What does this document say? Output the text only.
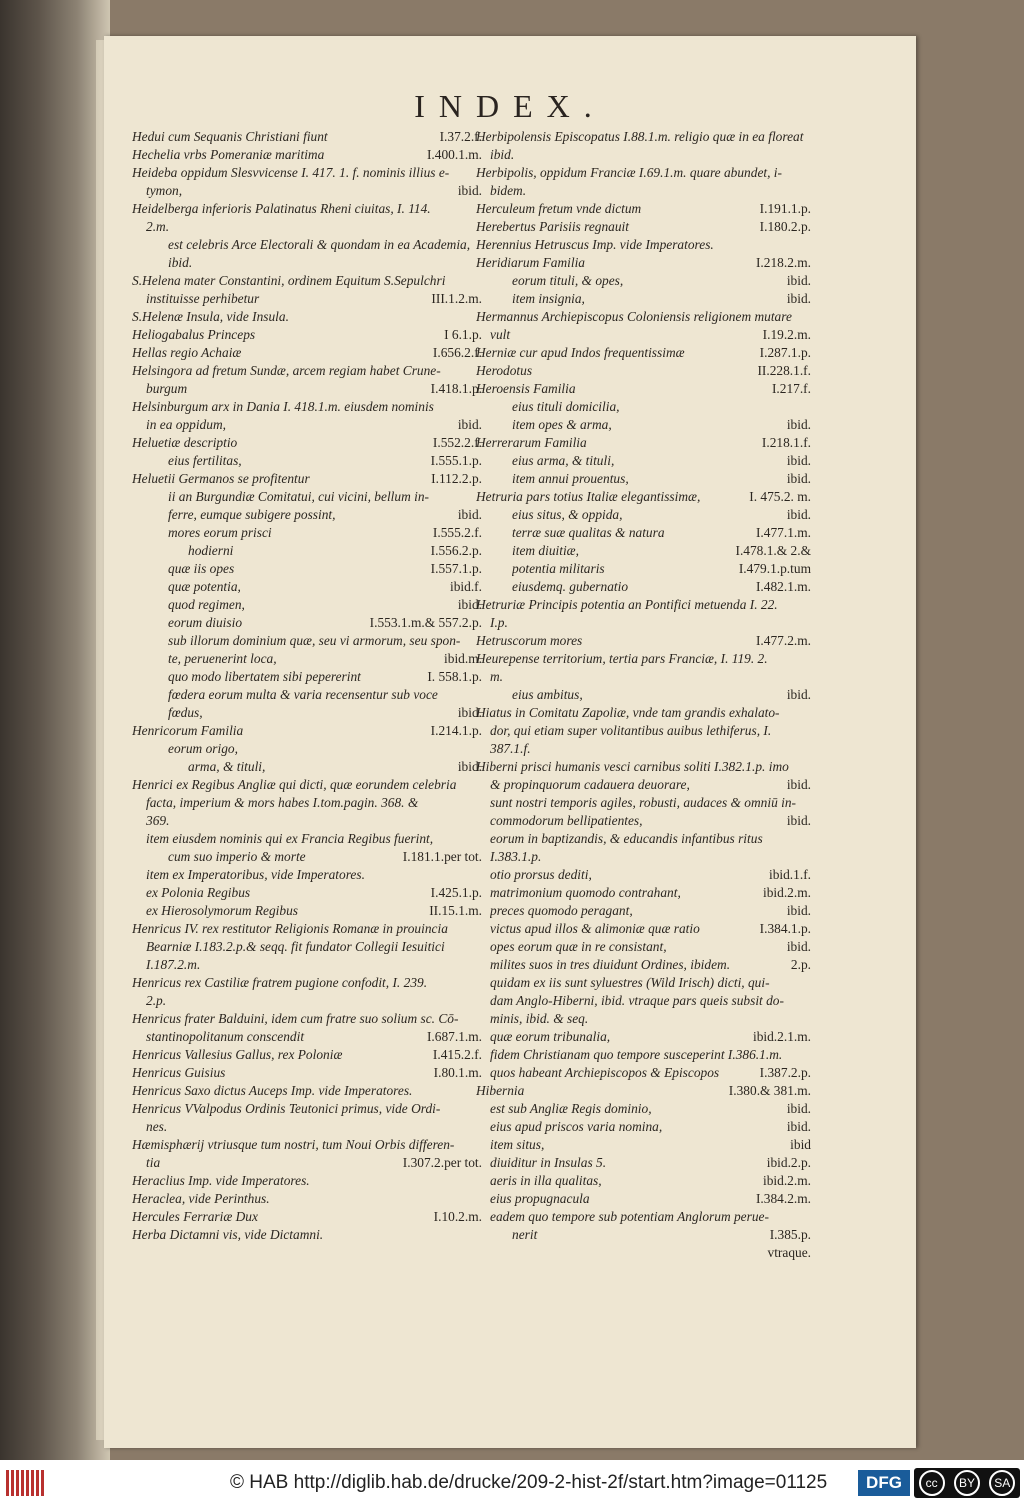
INDEX.
Hedui cum Sequanis Christiani fiunt	I.37.2.f.
Hechelia vrbs Pomeraniæ maritima	I.400.1.m.
Heideba oppidum Slesvvicense I. 417. 1. f. nominis illius e-
tymon,	ibid.
Heidelberga inferioris Palatinatus Rheni ciuitas, I. 114.
2.m.
est celebris Arce Electorali & quondam in ea Academia,
ibid.
S.Helena mater Constantini, ordinem Equitum S.Sepulchri
instituisse perhibetur	III.1.2.m.
S.Helenæ Insula, vide Insula.
Heliogabalus Princeps	I 6.1.p.
Hellas regio Achaiæ	I.656.2.f.
Helsingora ad fretum Sundæ, arcem regiam habet Crune-
burgum	I.418.1.p.
Helsinburgum arx in Dania I. 418.1.m. eiusdem nominis
in ea oppidum,	ibid.
Heluetiæ descriptio	I.552.2.f.
eius fertilitas,	I.555.1.p.
Heluetii Germanos se profitentur	I.112.2.p.
ii an Burgundiæ Comitatui, cui vicini, bellum in-
ferre, eumque subigere possint,	ibid.
mores eorum prisci	I.555.2.f.
hodierni	I.556.2.p.
quæ iis opes	I.557.1.p.
quæ potentia,	ibid.f.
quod regimen,	ibid.
eorum diuisio	I.553.1.m.& 557.2.p.
sub illorum dominium quæ, seu vi armorum, seu spon-
te, peruenerint loca,	ibid.m.
quo modo libertatem sibi pepererint	I. 558.1.p.
fœdera eorum multa & varia recensentur sub voce
fœdus,	ibid.
Henricorum Familia	I.214.1.p.
eorum origo,
arma, & tituli,	ibid.
Henrici ex Regibus Angliæ qui dicti, quæ eorundem celebria
facta, imperium & mors habes I.tom.pagin. 368. &
369.
item eiusdem nominis qui ex Francia Regibus fuerint,
cum suo imperio & morte	I.181.1.per tot.
item ex Imperatoribus, vide Imperatores.
ex Polonia Regibus	I.425.1.p.
ex Hierosolymorum Regibus	II.15.1.m.
Henricus IV. rex restitutor Religionis Romanæ in prouincia
Bearniæ I.183.2.p.& seqq. fit fundator Collegii Iesuitici
I.187.2.m.
Henricus rex Castiliæ fratrem pugione confodit, I. 239.
2.p.
Henricus frater Balduini, idem cum fratre suo solium sc. Cō-
stantinopolitanum conscendit	I.687.1.m.
Henricus Vallesius Gallus, rex Poloniæ	I.415.2.f.
Henricus Guisius	I.80.1.m.
Henricus Saxo dictus Auceps Imp. vide Imperatores.
Henricus VValpodus Ordinis Teutonici primus, vide Ordi-
nes.
Hæmisphærij vtriusque tum nostri, tum Noui Orbis differen-
tia	I.307.2.per tot.
Heraclius Imp. vide Imperatores.
Heraclea, vide Perinthus.
Hercules Ferrariæ Dux	I.10.2.m.
Herba Dictamni vis, vide Dictamni.
Herbipolensis Episcopatus I.88.1.m. religio quæ in ea floreat
ibid.
Herbipolis, oppidum Franciæ I.69.1.m. quare abundet, i-
bidem.
Herculeum fretum vnde dictum	I.191.1.p.
Herebertus Parisiis regnauit	I.180.2.p.
Herennius Hetruscus Imp. vide Imperatores.
Heridiarum Familia	I.218.2.m.
eorum tituli, & opes,	ibid.
item insignia,	ibid.
Hermannus Archiepiscopus Coloniensis religionem mutare
vult	I.19.2.m.
Herniæ cur apud Indos frequentissimæ	I.287.1.p.
Herodotus	II.228.1.f.
Heroensis Familia	I.217.f.
eius tituli domicilia,
item opes & arma,	ibid.
Herrerarum Familia	I.218.1.f.
eius arma, & tituli,	ibid.
item annui prouentus,	ibid.
Hetruria pars totius Italiæ elegantissimæ,	I. 475.2. m.
eius situs, & oppida,	ibid.
terræ suæ qualitas & natura	I.477.1.m.
item diuitiæ,	I.478.1.& 2.&
potentia militaris	I.479.1.p.tum
eiusdemq. gubernatio	I.482.1.m.
Hetruriæ Principis potentia an Pontifici metuenda I. 22.
I.p.
Hetruscorum mores	I.477.2.m.
Heurepense territorium, tertia pars Franciæ, I. 119. 2.
m.
eius ambitus,	ibid.
Hiatus in Comitatu Zapoliæ, vnde tam grandis exhalato-
dor, qui etiam super volitantibus auibus lethiferus, I.
387.1.f.
Hiberni prisci humanis vesci carnibus soliti I.382.1.p. imo
& propinquorum cadauera deuorare,	ibid.
sunt nostri temporis agiles, robusti, audaces & omniū in-
commodorum bellipatientes,	ibid.
eorum in baptizandis, & educandis infantibus ritus
I.383.1.p.
otio prorsus dediti,	ibid.1.f.
matrimonium quomodo contrahant,	ibid.2.m.
preces quomodo peragant,	ibid.
victus apud illos & alimoniæ quæ ratio	I.384.1.p.
opes eorum quæ in re consistant,	ibid.
milites suos in tres diuidunt Ordines, ibidem.	2.p.
quidam ex iis sunt syluestres (Wild Irisch) dicti, qui-
dam Anglo-Hiberni, ibid. vtraque pars queis subsit do-
minis, ibid. & seq.
quæ eorum tribunalia,	ibid.2.1.m.
fidem Christianam quo tempore susceperint I.386.1.m.
quos habeant Archiepiscopos & Episcopos	I.387.2.p.
Hibernia	I.380.& 381.m.
est sub Angliæ Regis dominio,	ibid.
eius apud priscos varia nomina,	ibid.
item situs,	ibid
diuiditur in Insulas 5.	ibid.2.p.
aeris in illa qualitas,	ibid.2.m.
eius propugnacula	I.384.2.m.
eadem quo tempore sub potentiam Anglorum perue-
nerit	I.385.p.
vtraque.
© HAB http://diglib.hab.de/drucke/209-2-hist-2f/start.htm?image=01125	DFG	cc	BY	SA
